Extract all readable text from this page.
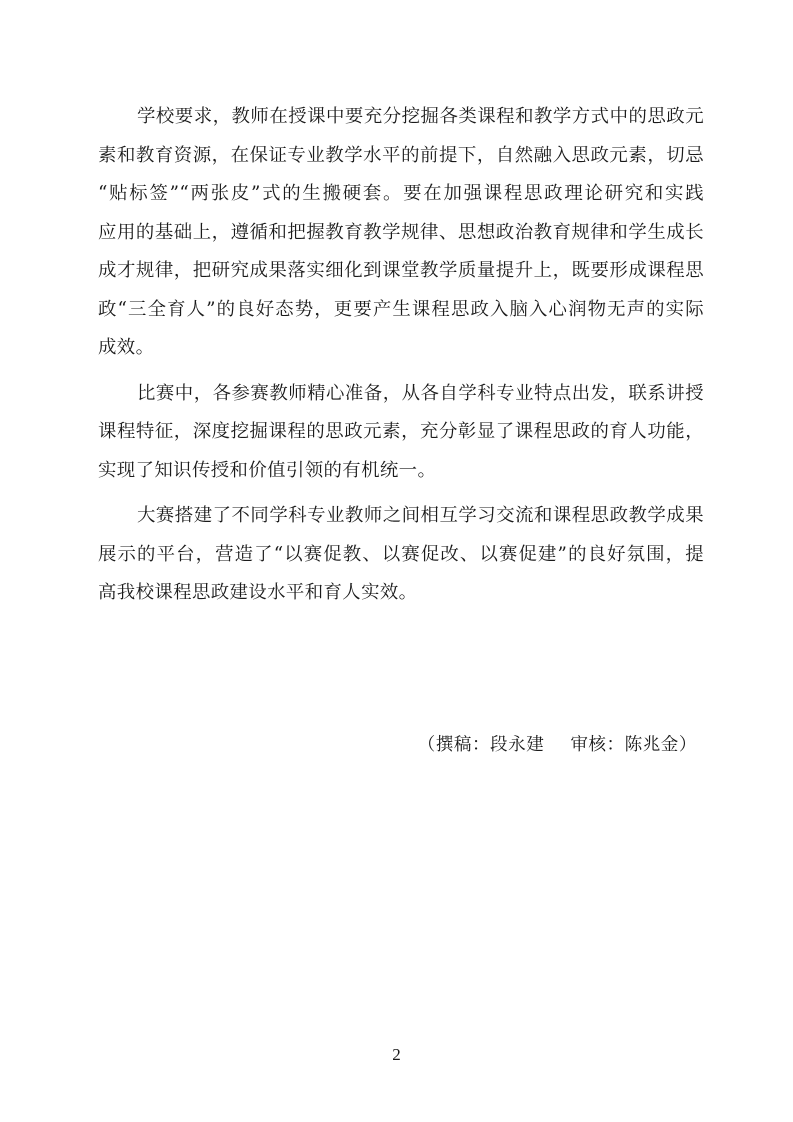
学校要求，教师在授课中要充分挖掘各类课程和教学方式中的思政元
素和教育资源，在保证专业教学水平的前提下，自然融入思政元素，切忌
“贴标签”“两张皮”式的生搬硬套。要在加强课程思政理论研究和实践
应用的基础上，遵循和把握教育教学规律、思想政治教育规律和学生成长
成才规律，把研究成果落实细化到课堂教学质量提升上，既要形成课程思
政“三全育人”的良好态势，更要产生课程思政入脑入心润物无声的实际
成效。
比赛中，各参赛教师精心准备，从各自学科专业特点出发，联系讲授
课程特征，深度挖掘课程的思政元素，充分彰显了课程思政的育人功能，
实现了知识传授和价值引领的有机统一。
大赛搭建了不同学科专业教师之间相互学习交流和课程思政教学成果
展示的平台，营造了“以赛促教、以赛促改、以赛促建”的良好氛围，提
高我校课程思政建设水平和育人实效。
（撰稿：段永建 审核：陈兆金）
2
